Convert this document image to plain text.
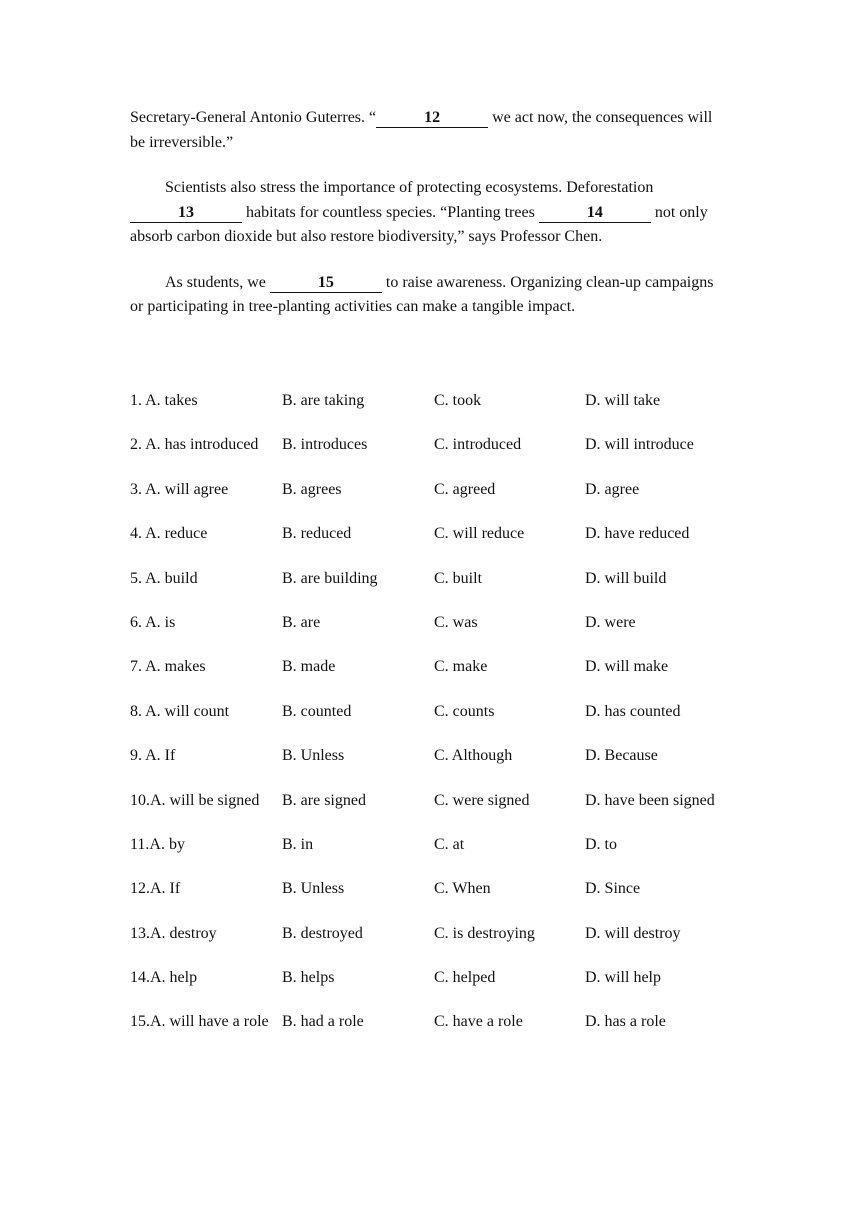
Secretary-General Antonio Guterres. “	12	we act now, the consequences will be irreversible.”

Scientists also stress the importance of protecting ecosystems. Deforestation 13	habitats for countless species. “Planting trees	14	not only absorb carbon dioxide but also restore biodiversity,” says Professor Chen.

As students, we	15	to raise awareness. Organizing clean-up campaigns or participating in tree-planting activities can make a tangible impact.

1. A. takes	B. are taking	C. took	D. will take
2. A. has introduced B. introduces	C. introduced	D. will introduce
3. A. will agree	B. agrees	C. agreed	D. agree
4. A. reduce	B. reduced	C. will reduce	D. have reduced
5. A. build	B. are building	C. built	D. will build
6. A. is	B. are	C. was	D. were
7. A. makes	B. made	C. make	D. will make
8. A. will count	B. counted	C. counts	D. has counted
9. A. If	B. Unless	C. Although	D. Because
10.A. will be signed B. are signed	C. were signed	D. have been signed
11.A. by	B. in	C. at	D. to
12.A. If	B. Unless	C. When	D. Since
13.A. destroy	B. destroyed	C. is destroying	D. will destroy
14.A. help	B. helps	C. helped	D. will help
15.A. will have a role B. had a role	C. have a role	D. has a role
